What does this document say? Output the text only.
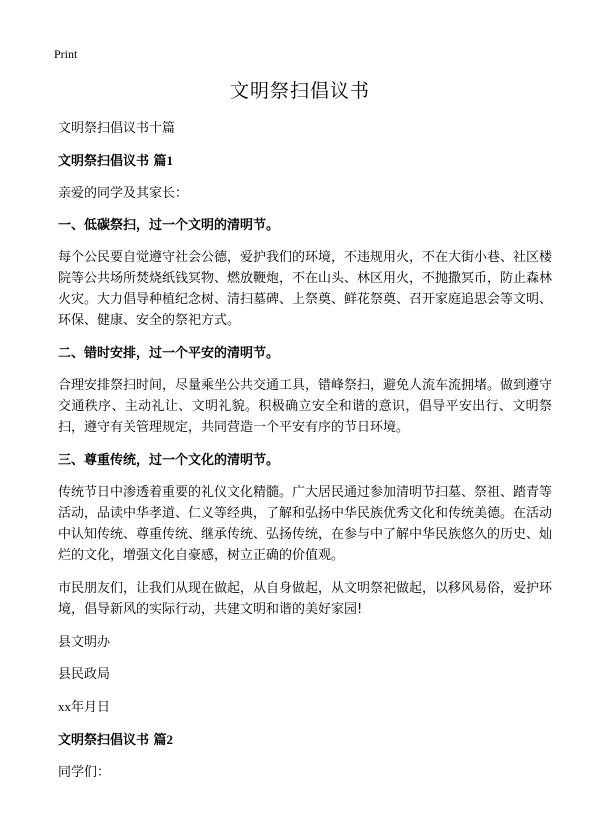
Print
文明祭扫倡议书

文明祭扫倡议书十篇

文明祭扫倡议书 篇1

亲爱的同学及其家长：

一、低碳祭扫，过一个文明的清明节。

每个公民要自觉遵守社会公德，爱护我们的环境，不违规用火，不在大街小巷、社区楼院等公共场所焚烧纸钱冥物、燃放鞭炮，不在山头、林区用火，不抛撒冥币，防止森林火灾。大力倡导种植纪念树、清扫墓碑、上祭奠、鲜花祭奠、召开家庭追思会等文明、环保、健康、安全的祭祀方式。

二、错时安排，过一个平安的清明节。

合理安排祭扫时间，尽量乘坐公共交通工具，错峰祭扫，避免人流车流拥堵。做到遵守交通秩序、主动礼让、文明礼貌。积极确立安全和谐的意识，倡导平安出行、文明祭扫，遵守有关管理规定，共同营造一个平安有序的节日环境。

三、尊重传统，过一个文化的清明节。

传统节日中渗透着重要的礼仪文化精髓。广大居民通过参加清明节扫墓、祭祖、踏青等活动，品读中华孝道、仁义等经典，了解和弘扬中华民族优秀文化和传统美德。在活动中认知传统、尊重传统、继承传统、弘扬传统，在参与中了解中华民族悠久的历史、灿烂的文化，增强文化自豪感，树立正确的价值观。

市民朋友们，让我们从现在做起，从自身做起，从文明祭祀做起，以移风易俗，爱护环境，倡导新风的实际行动，共建文明和谐的美好家园!

县文明办

县民政局

xx年月日

文明祭扫倡议书 篇2

同学们：
